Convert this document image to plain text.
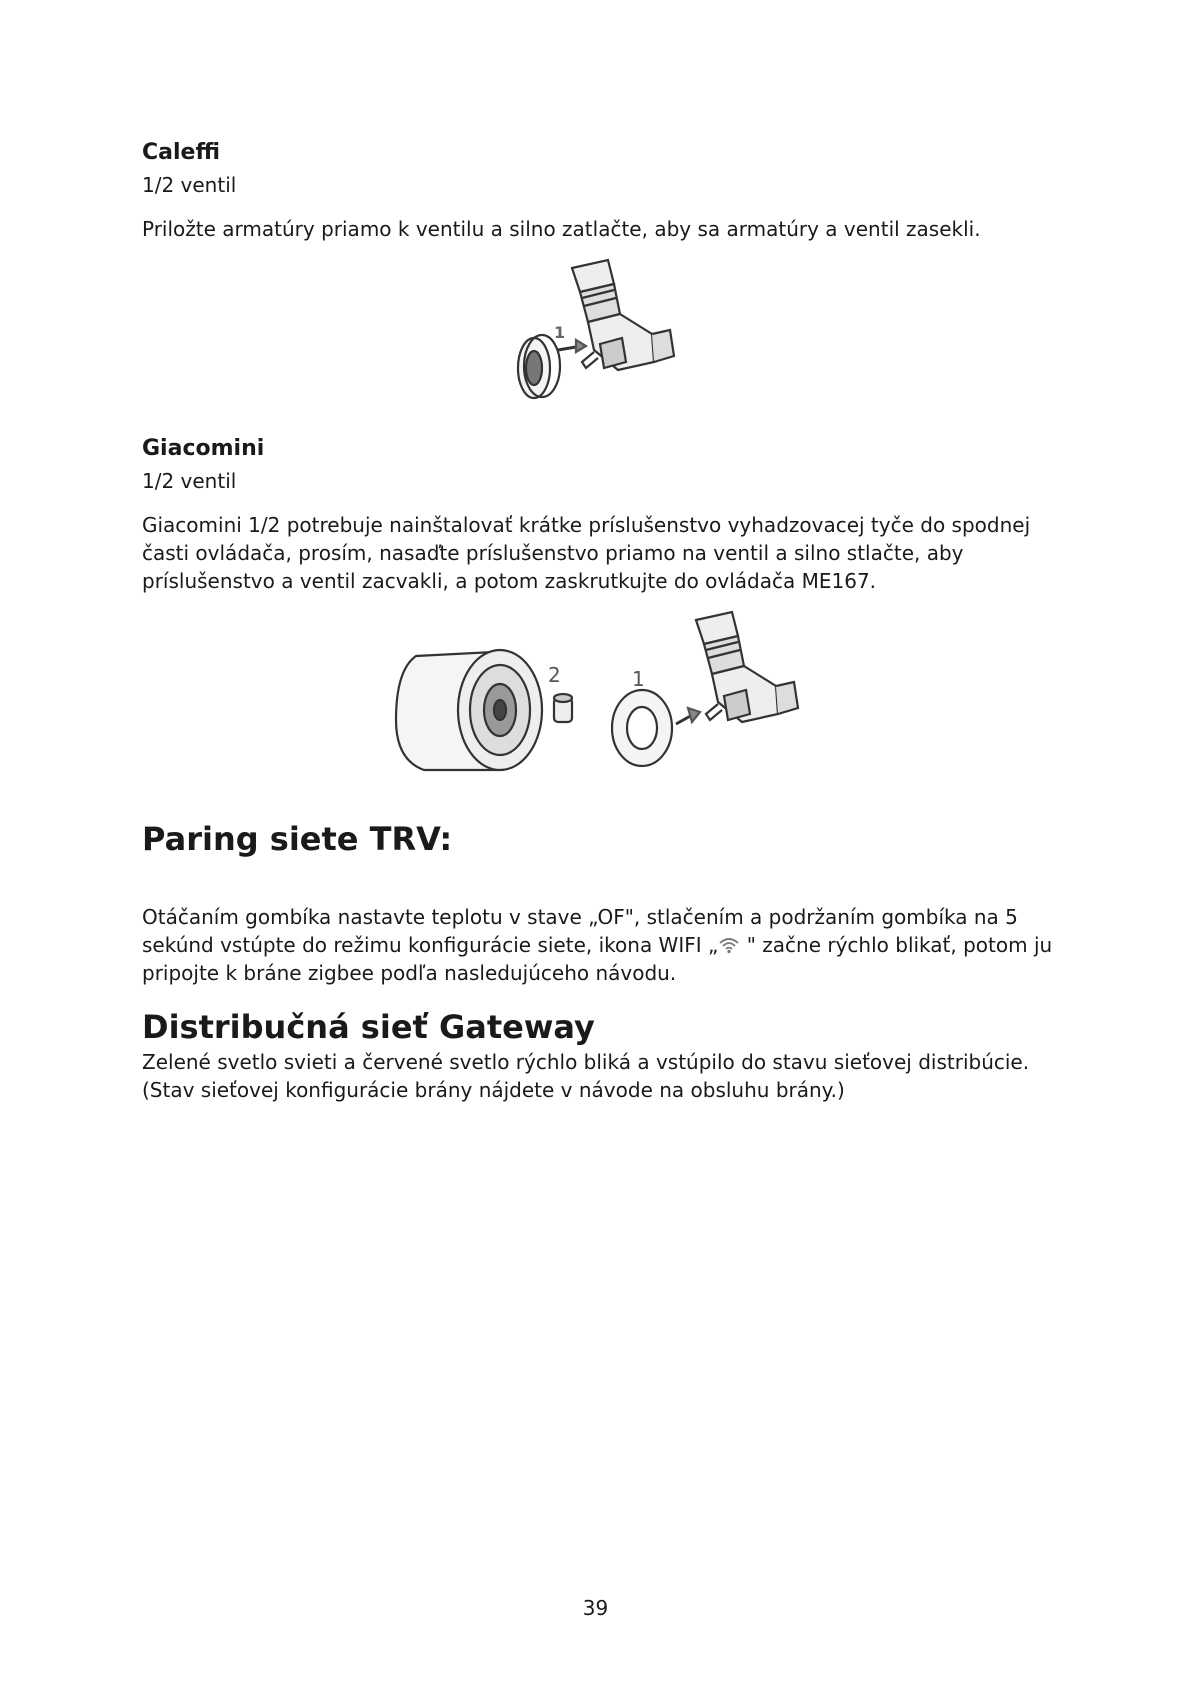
Caleffi

1/2 ventil

Priložte armatúry priamo k ventilu a silno zatlačte, aby sa armatúry a ventil zasekli.

1
Giacomini

1/2 ventil

Giacomini 1/2 potrebuje nainštalovať krátke príslušenstvo vyhadzovacej tyče do spodnej časti ovládača, prosím, nasaďte príslušenstvo priamo na ventil a silno stlačte, aby príslušenstvo a ventil zacvakli, a potom zaskrutkujte do ovládača ME167.

2	1
Paring siete TRV:

Otáčaním gombíka nastavte teplotu v stave „OF", stlačením a podržaním gombíka na 5 sekúnd vstúpte do režimu konfigurácie siete, ikona WIFI „ " začne rýchlo blikať, potom ju pripojte k bráne zigbee podľa nasledujúceho návodu.

Distribučná sieť Gateway

Zelené svetlo svieti a červené svetlo rýchlo bliká a vstúpilo do stavu sieťovej distribúcie.

(Stav sieťovej konfigurácie brány nájdete v návode na obsluhu brány.)

39
